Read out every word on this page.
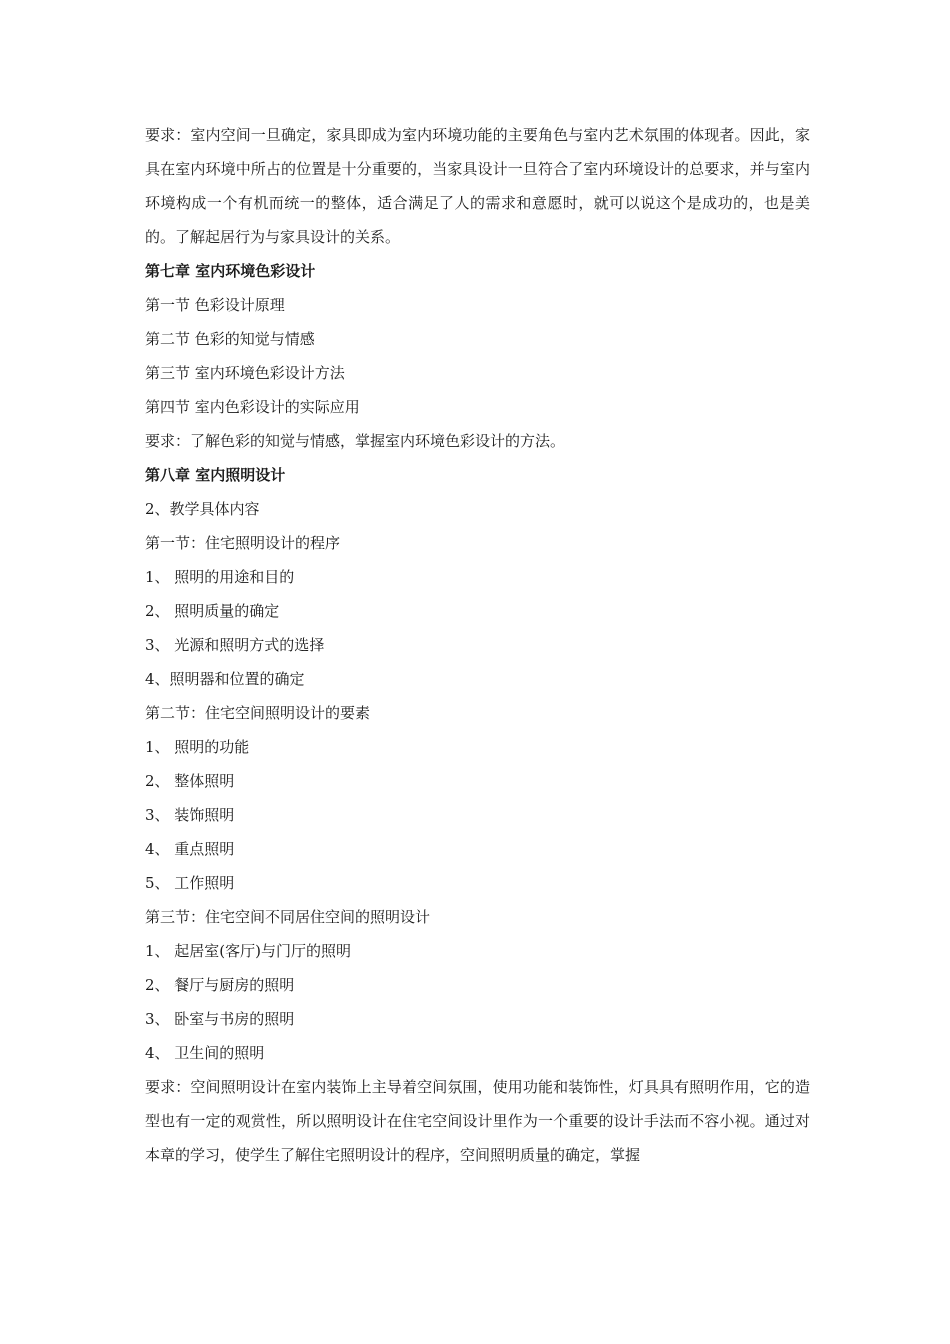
要求：室内空间一旦确定，家具即成为室内环境功能的主要角色与室内艺术氛围的体现者。因此，家具在室内环境中所占的位置是十分重要的，当家具设计一旦符合了室内环境设计的总要求，并与室内环境构成一个有机而统一的整体，适合满足了人的需求和意愿时，就可以说这个是成功的，也是美的。了解起居行为与家具设计的关系。

第七章 室内环境色彩设计

第一节 色彩设计原理

第二节 色彩的知觉与情感

第三节 室内环境色彩设计方法

第四节 室内色彩设计的实际应用

要求：了解色彩的知觉与情感，掌握室内环境色彩设计的方法。

第八章 室内照明设计

2、教学具体内容

第一节：住宅照明设计的程序

1、 照明的用途和目的

2、 照明质量的确定

3、 光源和照明方式的选择

4、照明器和位置的确定

第二节：住宅空间照明设计的要素

1、 照明的功能

2、 整体照明

3、 装饰照明

4、 重点照明

5、 工作照明

第三节：住宅空间不同居住空间的照明设计

1、 起居室(客厅)与门厅的照明

2、 餐厅与厨房的照明

3、 卧室与书房的照明

4、 卫生间的照明

要求：空间照明设计在室内装饰上主导着空间氛围，使用功能和装饰性，灯具具有照明作用，它的造型也有一定的观赏性，所以照明设计在住宅空间设计里作为一个重要的设计手法而不容小视。通过对本章的学习，使学生了解住宅照明设计的程序，空间照明质量的确定，掌握
